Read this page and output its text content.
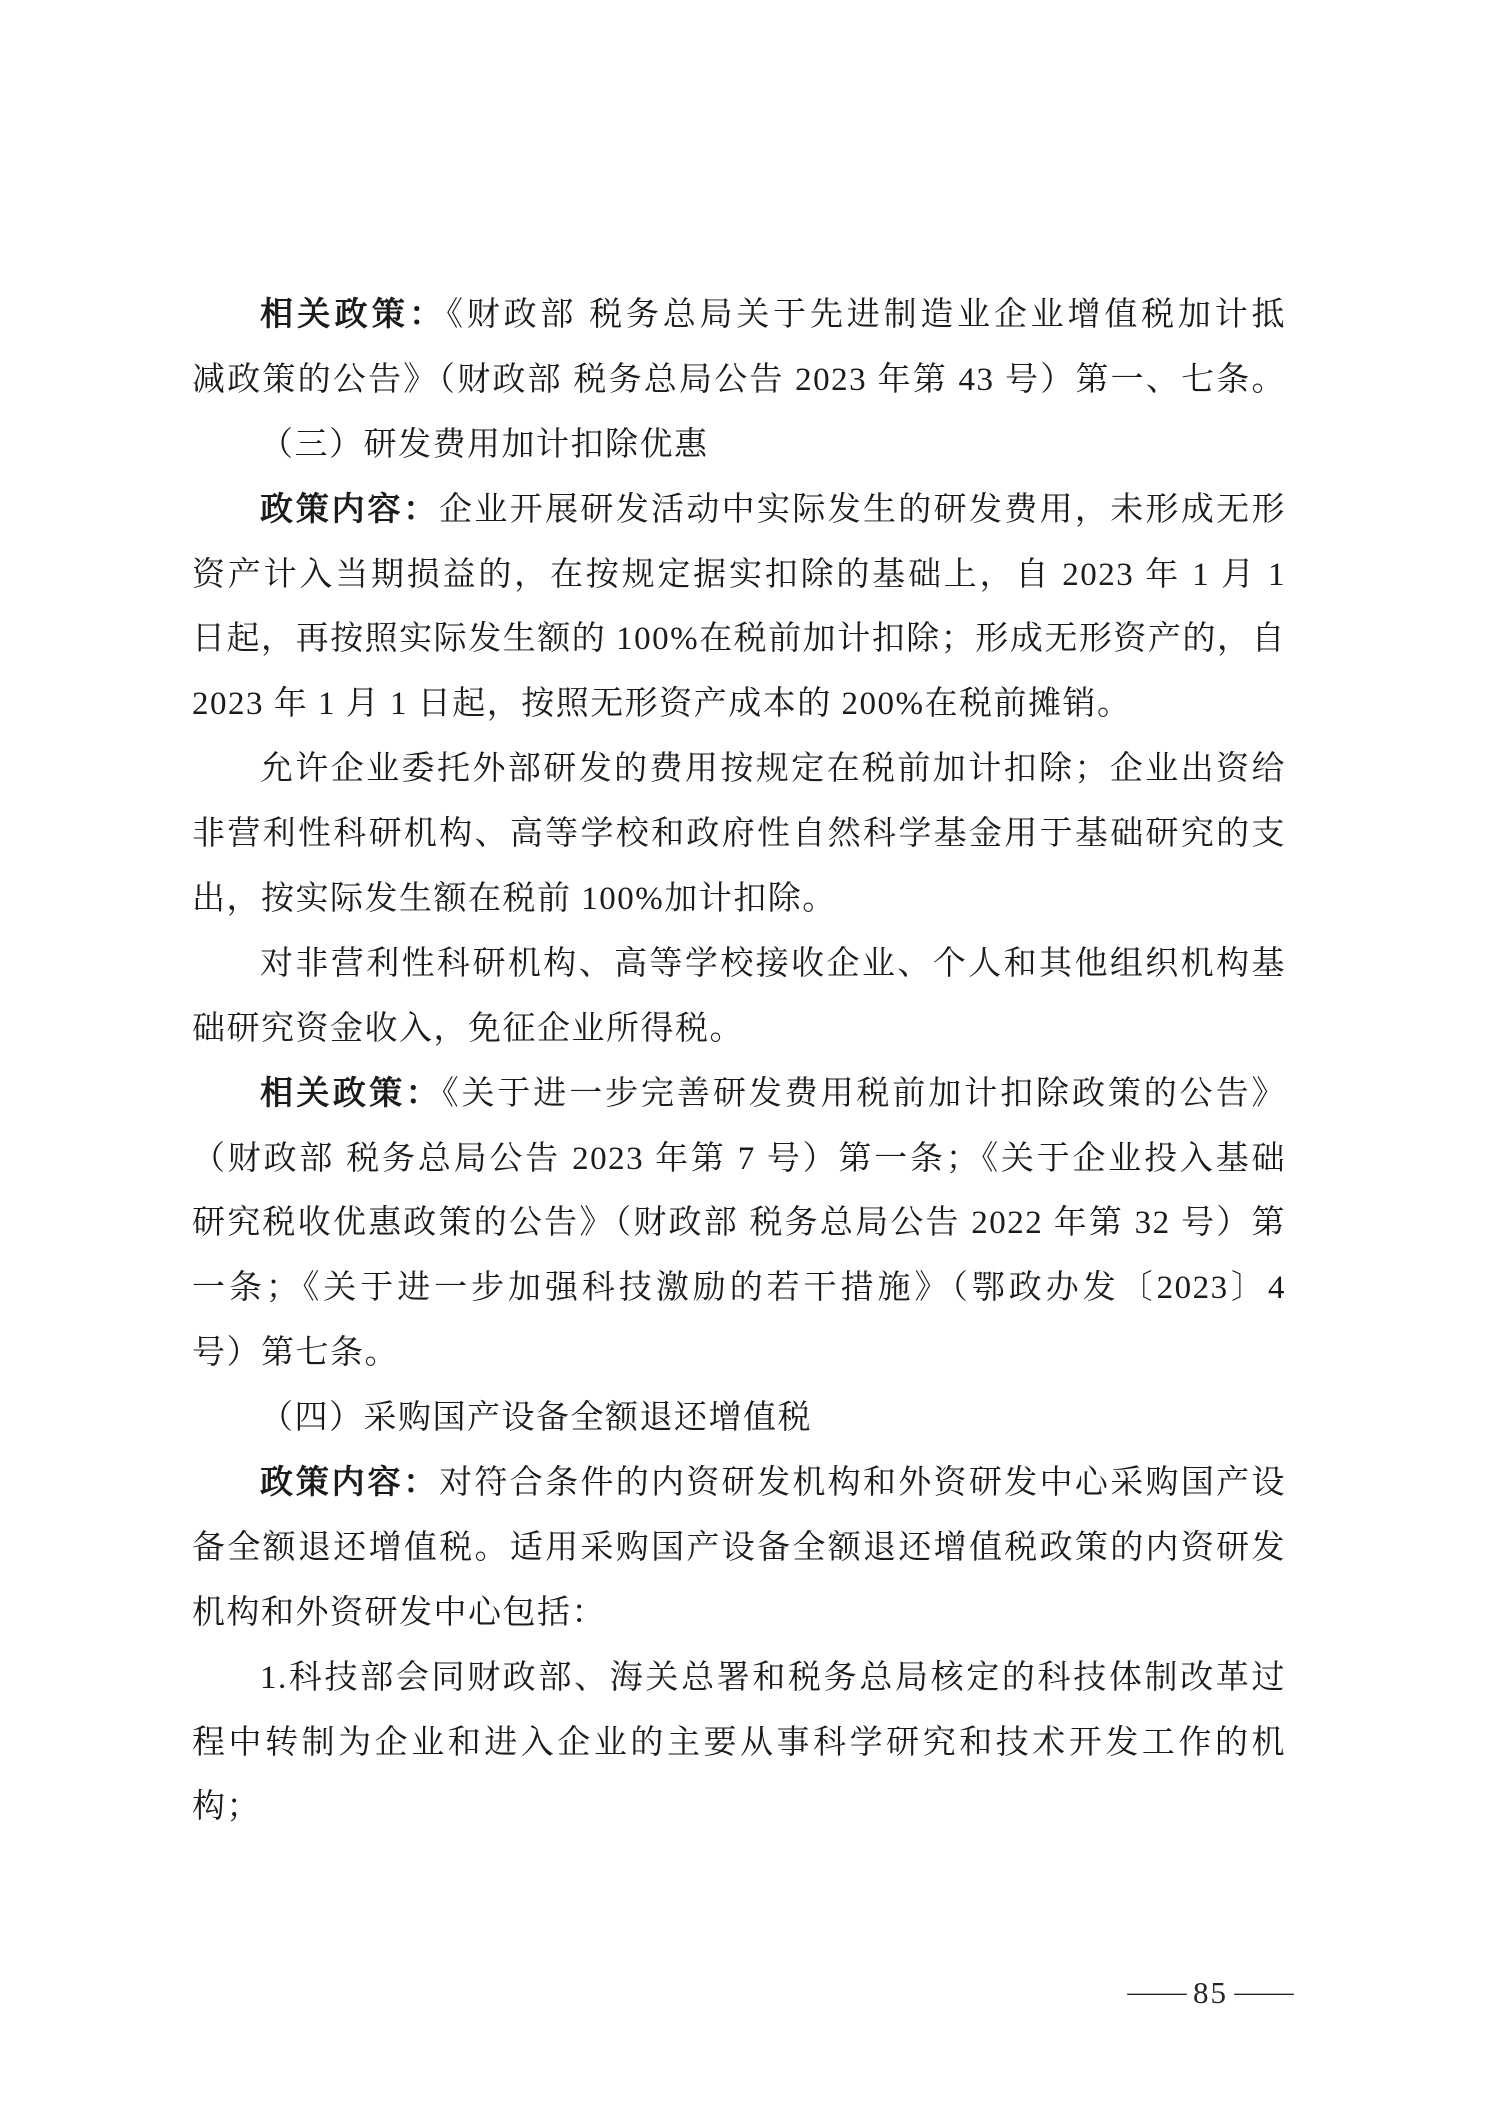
相关政策：《财政部 税务总局关于先进制造业企业增值税加计抵
减政策的公告》（财政部 税务总局公告 2023 年第 43 号）第一、七条。
（三）研发费用加计扣除优惠
政策内容：企业开展研发活动中实际发生的研发费用，未形成无形
资产计入当期损益的，在按规定据实扣除的基础上，自 2023 年 1 月 1
日起，再按照实际发生额的 100%在税前加计扣除；形成无形资产的，自
2023 年 1 月 1 日起，按照无形资产成本的 200%在税前摊销。
允许企业委托外部研发的费用按规定在税前加计扣除；企业出资给
非营利性科研机构、高等学校和政府性自然科学基金用于基础研究的支
出，按实际发生额在税前 100%加计扣除。
对非营利性科研机构、高等学校接收企业、个人和其他组织机构基
础研究资金收入，免征企业所得税。
相关政策：《关于进一步完善研发费用税前加计扣除政策的公告》
（财政部 税务总局公告 2023 年第 7 号）第一条；《关于企业投入基础
研究税收优惠政策的公告》（财政部 税务总局公告 2022 年第 32 号）第
一条；《关于进一步加强科技激励的若干措施》（鄂政办发〔2023〕4
号）第七条。
（四）采购国产设备全额退还增值税
政策内容：对符合条件的内资研发机构和外资研发中心采购国产设
备全额退还增值税。适用采购国产设备全额退还增值税政策的内资研发
机构和外资研发中心包括：
1.科技部会同财政部、海关总署和税务总局核定的科技体制改革过
程中转制为企业和进入企业的主要从事科学研究和技术开发工作的机
构；
— 85 —
